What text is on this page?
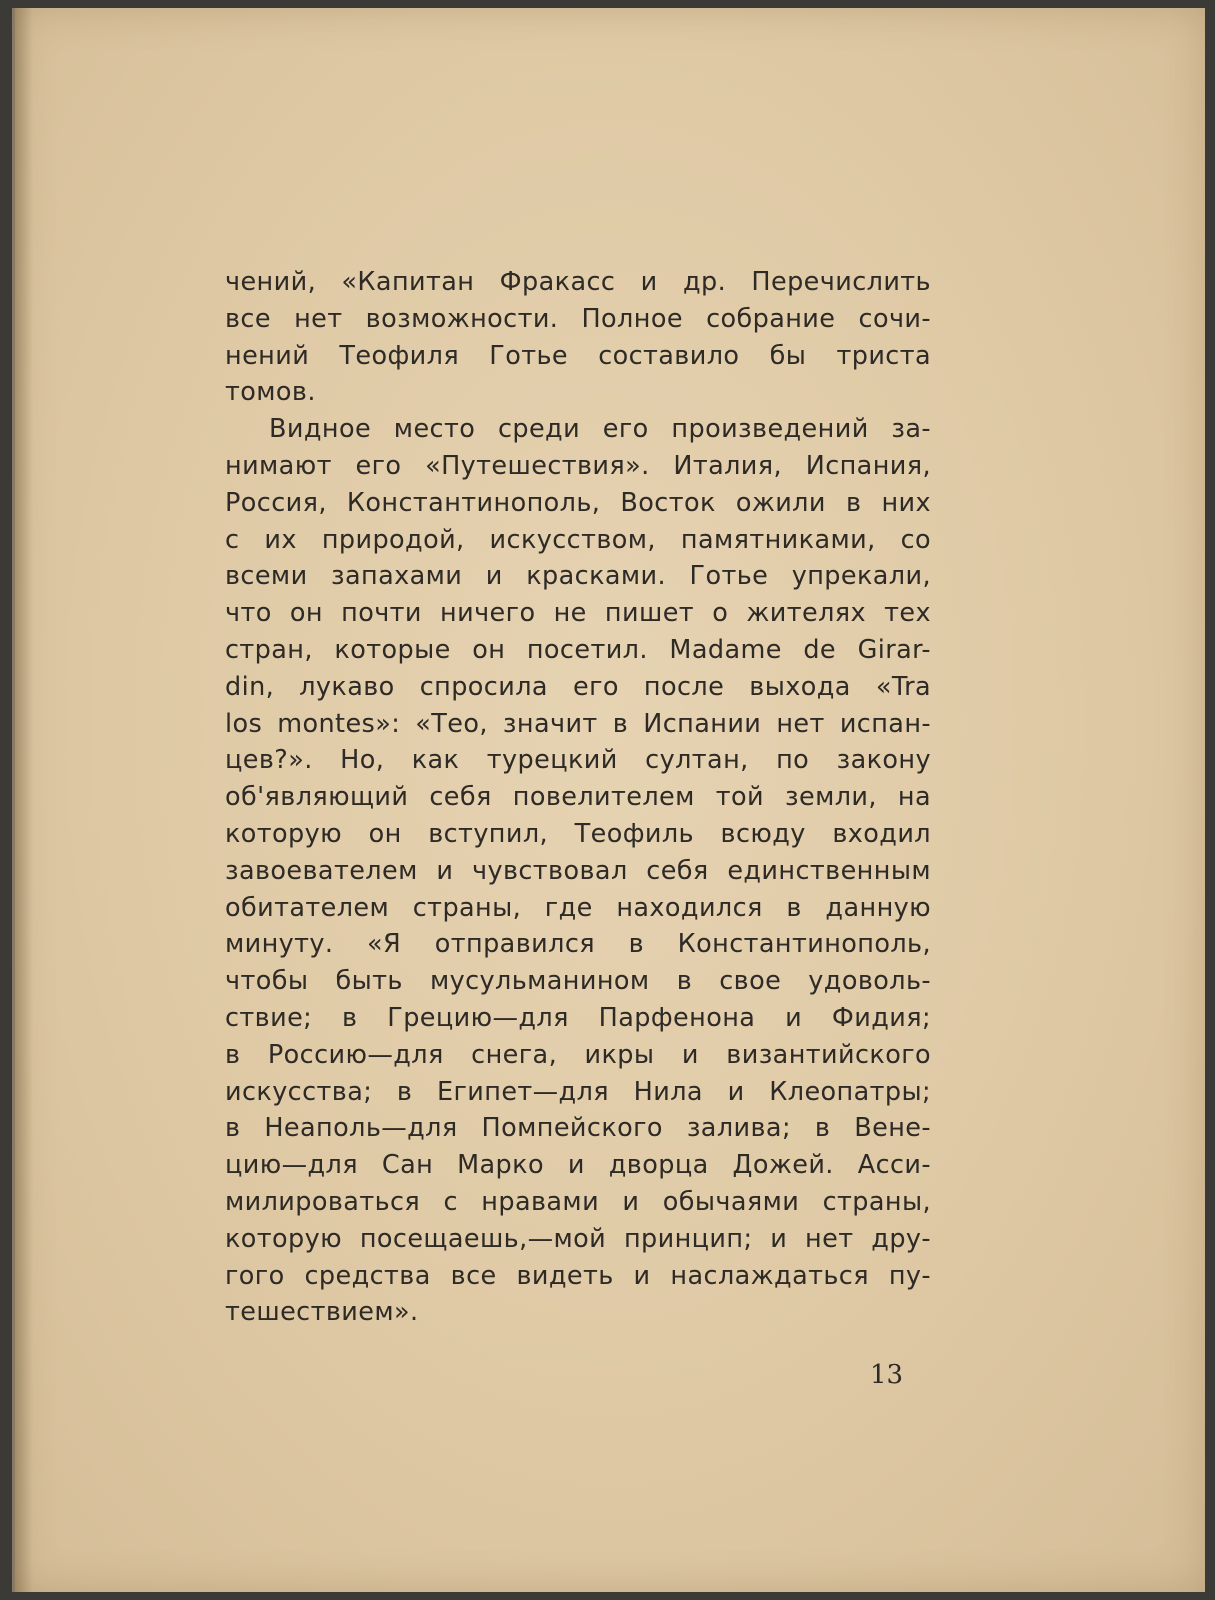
чений, «Капитан Фракасс и др. Перечислить
все нет возможности. Полное собрание сочи-
нений Теофиля Готье составило бы триста
томов.
Видное место среди его произведений за-
нимают его «Путешествия». Италия, Испания,
Россия, Константинополь, Восток ожили в них
с их природой, искусством, памятниками, со
всеми запахами и красками. Готье упрекали,
что он почти ничего не пишет о жителях тех
стран, которые он посетил. Madame de Girar-
din, лукаво спросила его после выхода «Tra
los montes»: «Тео, значит в Испании нет испан-
цев?». Но, как турецкий султан, по закону
об'являющий себя повелителем той земли, на
которую он вступил, Теофиль всюду входил
завоевателем и чувствовал себя единственным
обитателем страны, где находился в данную
минуту. «Я отправился в Константинополь,
чтобы быть мусульманином в свое удоволь-
ствие; в Грецию—для Парфенона и Фидия;
в Россию—для снега, икры и византийского
искусства; в Египет—для Нила и Клеопатры;
в Неаполь—для Помпейского залива; в Вене-
цию—для Сан Марко и дворца Дожей. Асси-
милироваться с нравами и обычаями страны,
которую посещаешь,—мой принцип; и нет дру-
гого средства все видеть и наслаждаться пу-
тешествием».
13
